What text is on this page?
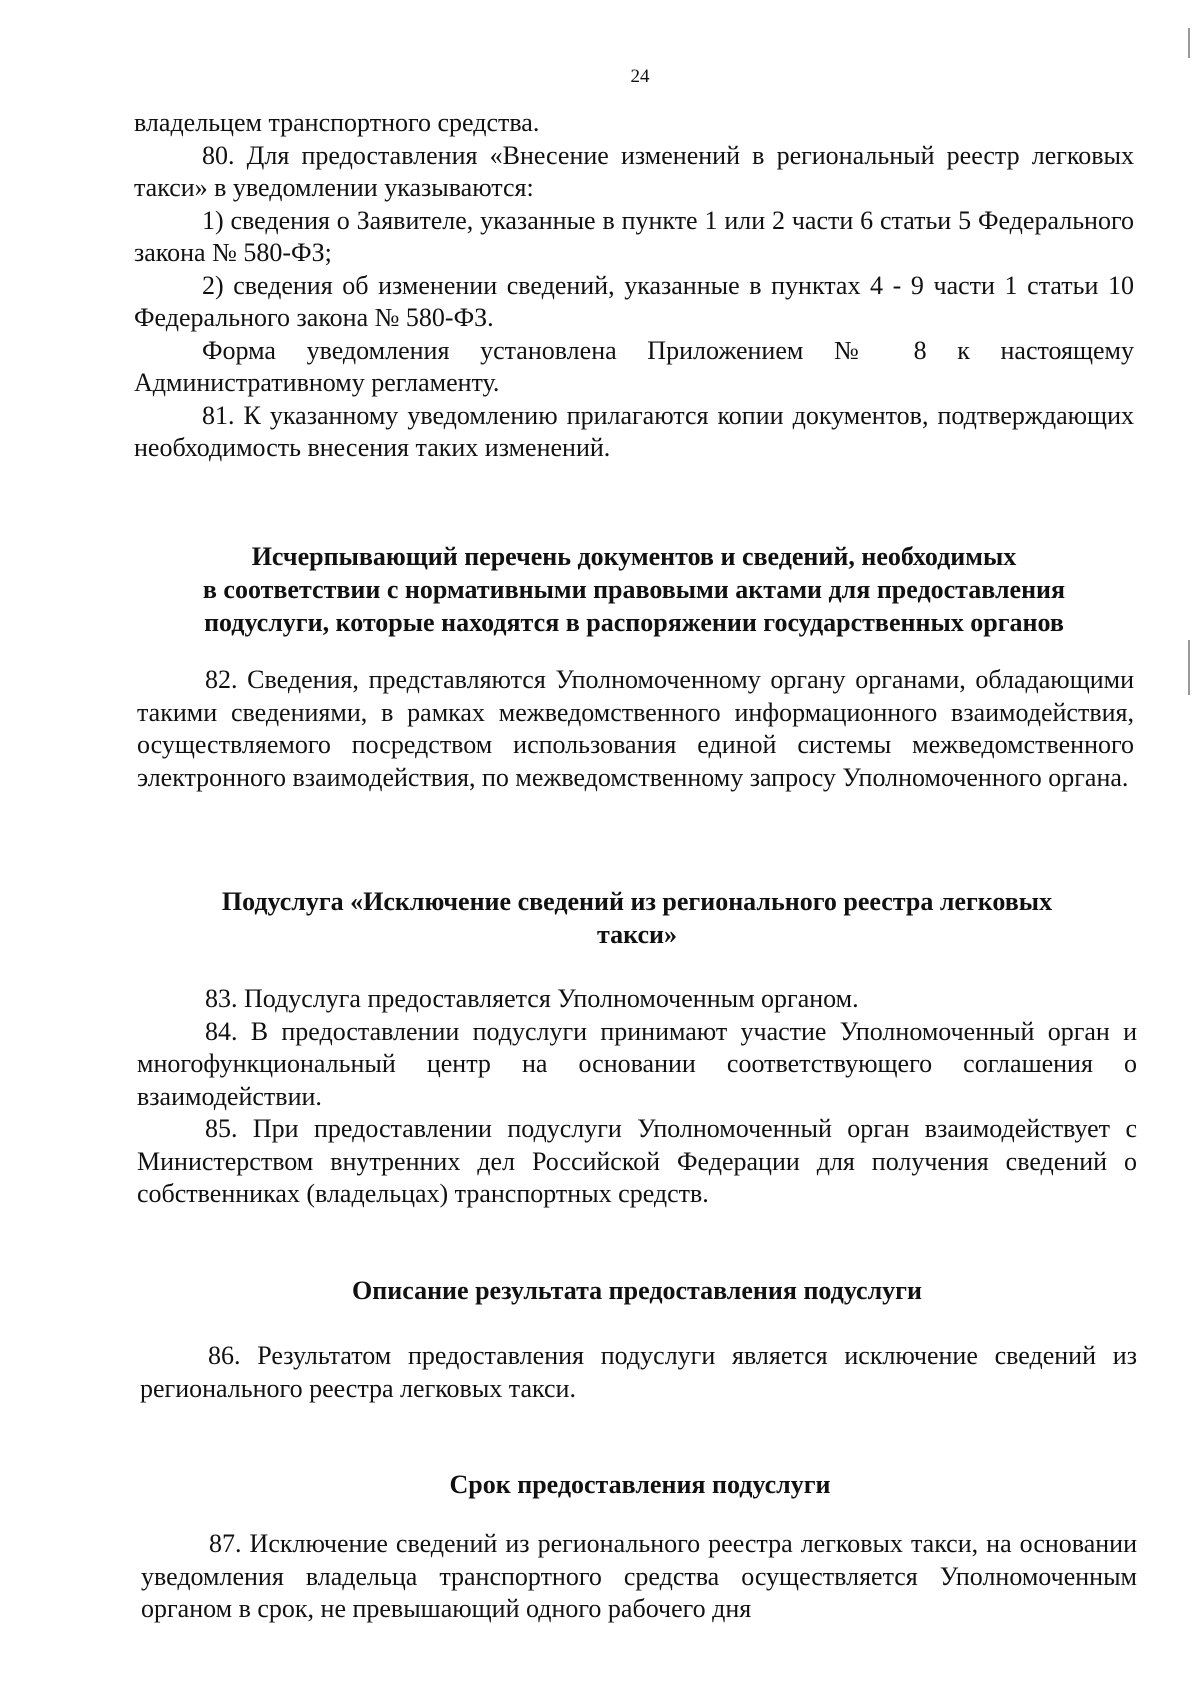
24

владельцем транспортного средства.

80. Для предоставления «Внесение изменений в региональный реестр легковых такси» в уведомлении указываются:

1) сведения о Заявителе, указанные в пункте 1 или 2 части 6 статьи 5 Федерального закона № 580-ФЗ;

2) сведения об изменении сведений, указанные в пунктах 4 - 9 части 1 статьи 10 Федерального закона № 580-ФЗ.

Форма уведомления установлена Приложением № 8 к настоящему Административному регламенту.

81. К указанному уведомлению прилагаются копии документов, подтверждающих необходимость внесения таких изменений.

Исчерпывающий перечень документов и сведений, необходимых
в соответствии с нормативными правовыми актами для предоставления
подуслуги, которые находятся в распоряжении государственных органов

82. Сведения, представляются Уполномоченному органу органами, обладающими такими сведениями, в рамках межведомственного информационного взаимодействия, осуществляемого посредством использования единой системы межведомственного электронного взаимодействия, по межведомственному запросу Уполномоченного органа.

Подуслуга «Исключение сведений из регионального реестра легковых
такси»

83. Подуслуга предоставляется Уполномоченным органом.

84. В предоставлении подуслуги принимают участие Уполномоченный орган и многофункциональный центр на основании соответствующего соглашения о взаимодействии.

85. При предоставлении подуслуги Уполномоченный орган взаимодействует с Министерством внутренних дел Российской Федерации для получения сведений о собственниках (владельцах) транспортных средств.

Описание результата предоставления подуслуги

86. Результатом предоставления подуслуги является исключение сведений из регионального реестра легковых такси.

Срок предоставления подуслуги

87. Исключение сведений из регионального реестра легковых такси, на основании уведомления владельца транспортного средства осуществляется Уполномоченным органом в срок, не превышающий одного рабочего дня
